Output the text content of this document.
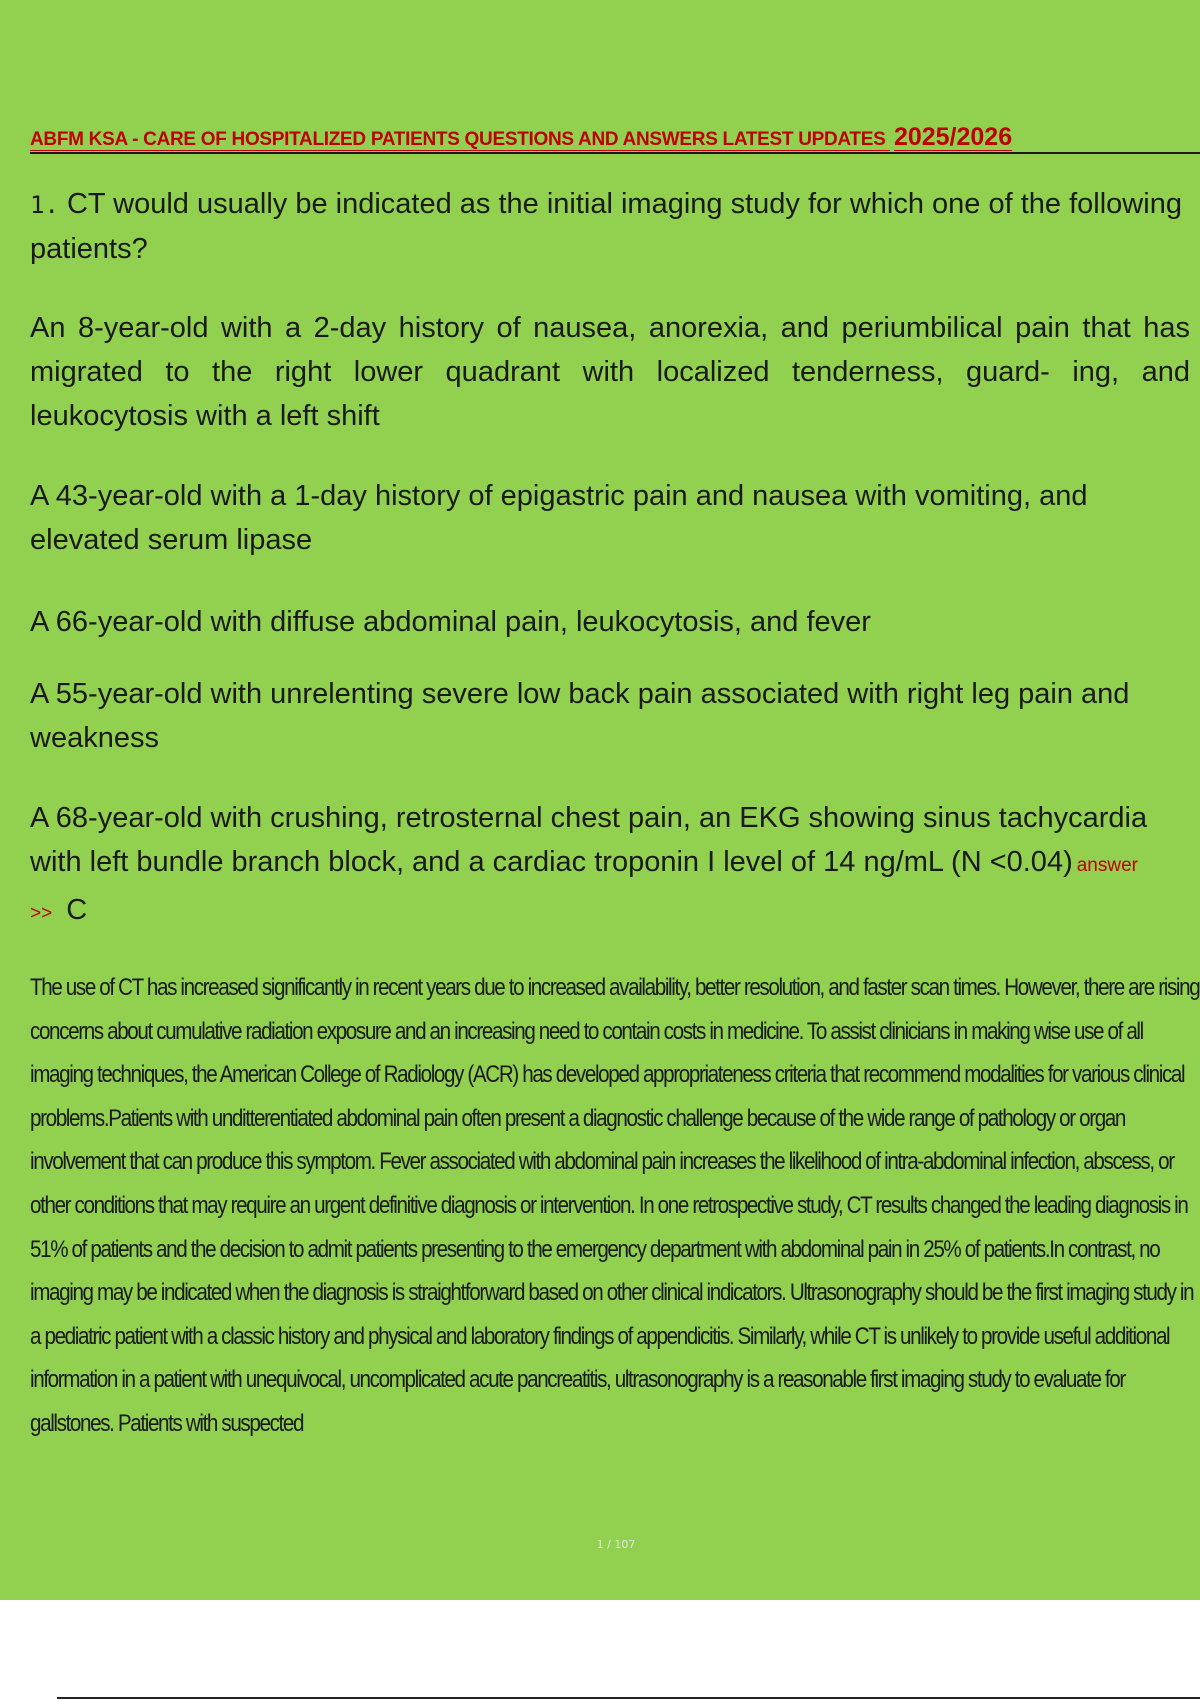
ABFM KSA - CARE OF HOSPITALIZED PATIENTS QUESTIONS AND ANSWERS LATEST UPDATES 2025/2026

1. CT would usually be indicated as the initial imaging study for which one of the following patients?

An 8-year-old with a 2-day history of nausea, anorexia, and periumbilical pain that has migrated to the right lower quadrant with localized tenderness, guard- ing, and leukocytosis with a left shift

A 43-year-old with a 1-day history of epigastric pain and nausea with vomiting, and elevated serum lipase

A 66-year-old with diffuse abdominal pain, leukocytosis, and fever

A 55-year-old with unrelenting severe low back pain associated with right leg pain and weakness

A 68-year-old with crushing, retrosternal chest pain, an EKG showing sinus tachycardia with left bundle branch block, and a cardiac troponin I level of 14 ng/mL (N <0.04) answer >> C

The use of CT has increased significantly in recent years due to increased availability, better resolution, and faster scan times. However, there are rising concerns about cumulative radiation exposure and an increasing need to contain costs in medicine. To assist clinicians in making wise use of all imaging techniques, the American College of Radiology (ACR) has developed appropriateness criteria that recommend modalities for various clinical problems.Patients with unditterentiated abdominal pain often present a diagnostic challenge because of the wide range of pathology or organ involvement that can produce this symptom. Fever associated with abdominal pain increases the likelihood of intra-abdominal infection, abscess, or other conditions that may require an urgent definitive diagnosis or intervention. In one retrospective study, CT results changed the leading diagnosis in 51% of patients and the decision to admit patients presenting to the emergency department with abdominal pain in 25% of patients.In contrast, no imaging may be indicated when the diagnosis is straightforward based on other clinical indicators. Ultrasonography should be the first imaging study in a pediatric patient with a classic history and physical and laboratory findings of appendicitis. Similarly, while CT is unlikely to provide useful additional information in a patient with unequivocal, uncomplicated acute pancreatitis, ultrasonography is a reasonable first imaging study to evaluate for gallstones. Patients with suspected

1 / 107
